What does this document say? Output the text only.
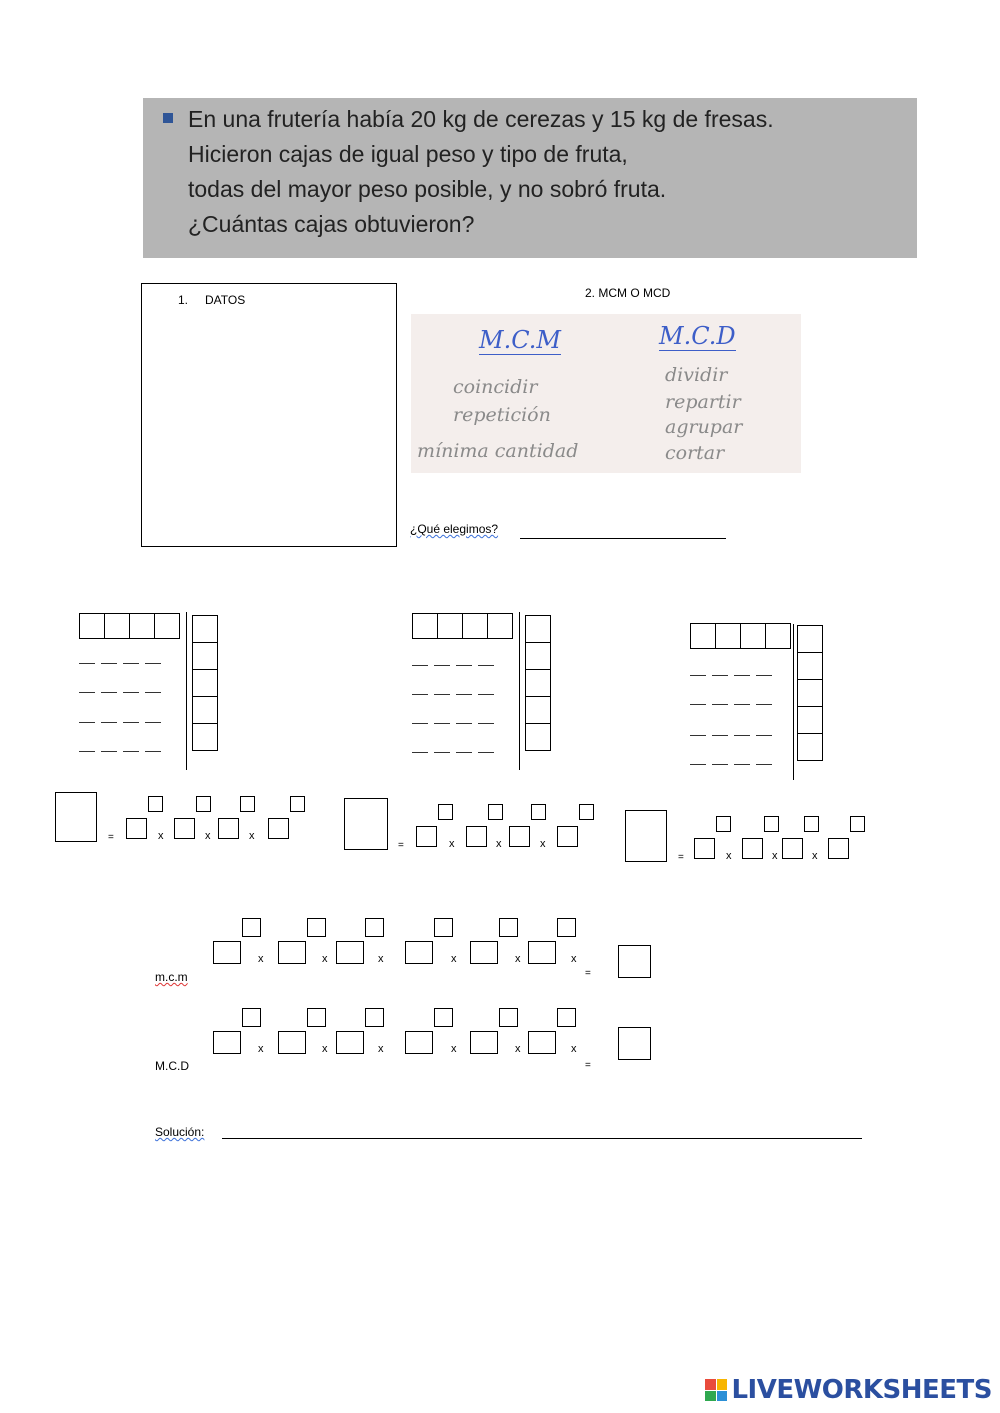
En una frutería había 20 kg de cerezas y 15 kg de fresas.
Hicieron cajas de igual peso y tipo de fruta,
todas del mayor peso posible, y no sobró fruta.
¿Cuántas cajas obtuvieron?
1. DATOS	2. MCM O MCD
M.C.M	M.C.D
coincidir
repetición
mínima cantidad
dividir
repartir
agrupar
cortar
¿Qué elegimos?
=	x	x	x
=	x	x	x
=	x	x	x
m.c.m
M.C.D
x	x	x	x	x	x
=
x	x	x	x	x	x
=
Solución:
LIVEWORKSHEETS
